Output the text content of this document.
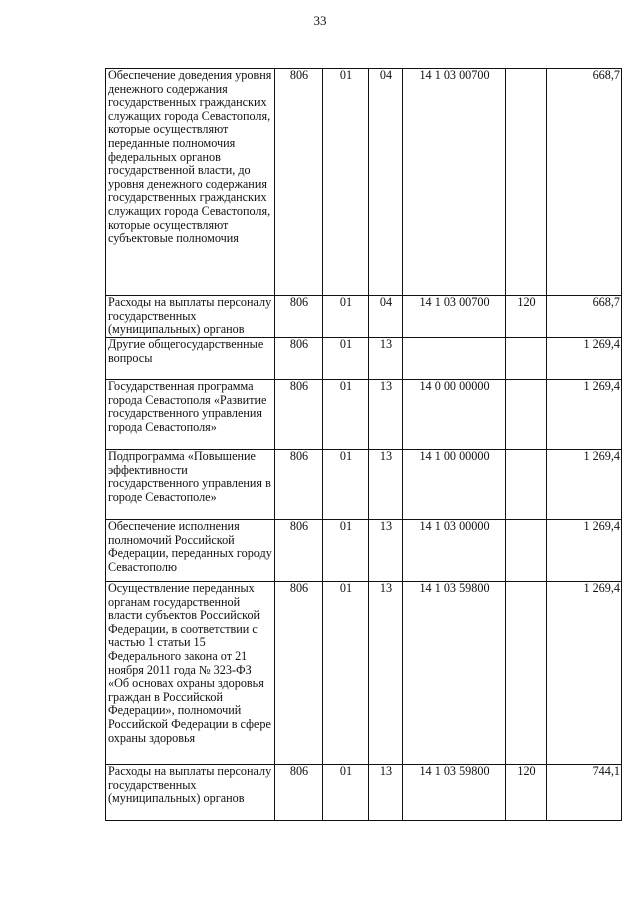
33
Обеспечение доведения уровня денежного содержания государственных гражданских служащих города Севастополя, которые осуществляют переданные полномочия федеральных органов государственной власти, до уровня денежного содержания государственных гражданских служащих города Севастополя, которые осуществляют субъектовые полномочия	806	01	04	14 1 03 00700		668,7
Расходы на выплаты персоналу государственных (муниципальных) органов	806	01	04	14 1 03 00700	120	668,7
Другие общегосударственные вопросы	806	01	13			1 269,4
Государственная программа города Севастополя «Развитие государственного управления города Севастополя»	806	01	13	14 0 00 00000		1 269,4
Подпрограмма «Повышение эффективности государственного управления в городе Севастополе»	806	01	13	14 1 00 00000		1 269,4
Обеспечение исполнения полномочий Российской Федерации, переданных городу Севастополю	806	01	13	14 1 03 00000		1 269,4
Осуществление переданных органам государственной власти субъектов Российской Федерации, в соответствии с частью 1 статьи 15 Федерального закона от 21 ноября 2011 года № 323-ФЗ «Об основах охраны здоровья граждан в Российской Федерации», полномочий Российской Федерации в сфере охраны здоровья	806	01	13	14 1 03 59800		1 269,4
Расходы на выплаты персоналу государственных (муниципальных) органов	806	01	13	14 1 03 59800	120	744,1
